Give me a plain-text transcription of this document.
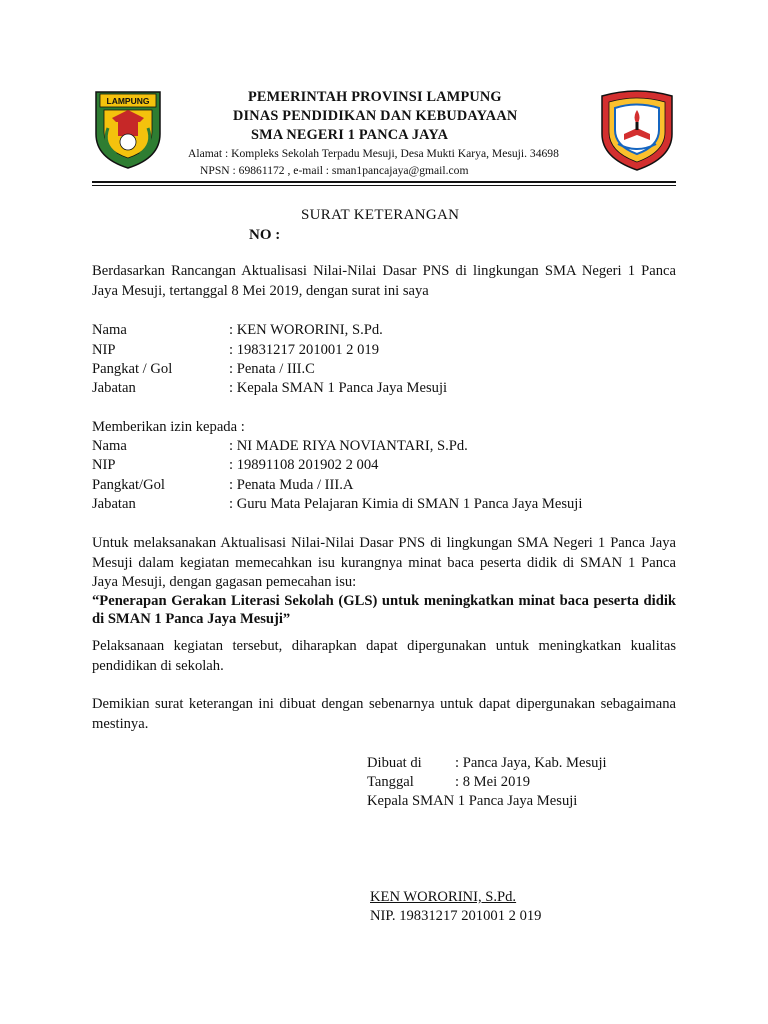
LAMPUNG	PEMERINTAH PROVINSI LAMPUNG
DINAS PENDIDIKAN DAN KEBUDAYAAN
SMA NEGERI 1 PANCA JAYA
Alamat : Kompleks Sekolah Terpadu Mesuji, Desa Mukti Karya, Mesuji. 34698
NPSN : 69861172 , e-mail : sman1pancajaya@gmail.com
SURAT KETERANGAN
NO :
Berdasarkan Rancangan Aktualisasi Nilai-Nilai Dasar PNS di lingkungan SMA Negeri 1 Panca Jaya Mesuji, tertanggal 8 Mei 2019, dengan surat ini saya
Nama	: KEN WORORINI, S.Pd.
NIP	: 19831217 201001 2 019
Pangkat / Gol	: Penata / III.C
Jabatan	: Kepala SMAN 1 Panca Jaya Mesuji
Memberikan izin kepada :
Nama	: NI MADE RIYA NOVIANTARI, S.Pd.
NIP	: 19891108 201902 2 004
Pangkat/Gol	: Penata Muda / III.A
Jabatan	: Guru Mata Pelajaran Kimia di SMAN 1 Panca Jaya Mesuji
Untuk melaksanakan Aktualisasi Nilai-Nilai Dasar PNS di lingkungan SMA Negeri 1 Panca Jaya Mesuji dalam kegiatan memecahkan isu kurangnya minat baca peserta didik di SMAN 1 Panca Jaya Mesuji, dengan gagasan pemecahan isu:
“Penerapan Gerakan Literasi Sekolah (GLS) untuk meningkatkan minat baca peserta didik di SMAN 1 Panca Jaya Mesuji”
Pelaksanaan kegiatan tersebut, diharapkan dapat dipergunakan untuk meningkatkan kualitas pendidikan di sekolah.
Demikian surat keterangan ini dibuat dengan sebenarnya untuk dapat dipergunakan sebagaimana mestinya.
Dibuat di : Panca Jaya, Kab. Mesuji
Tanggal	: 8 Mei 2019
Kepala SMAN 1 Panca Jaya Mesuji
KEN WORORINI, S.Pd.
NIP. 19831217 201001 2 019
